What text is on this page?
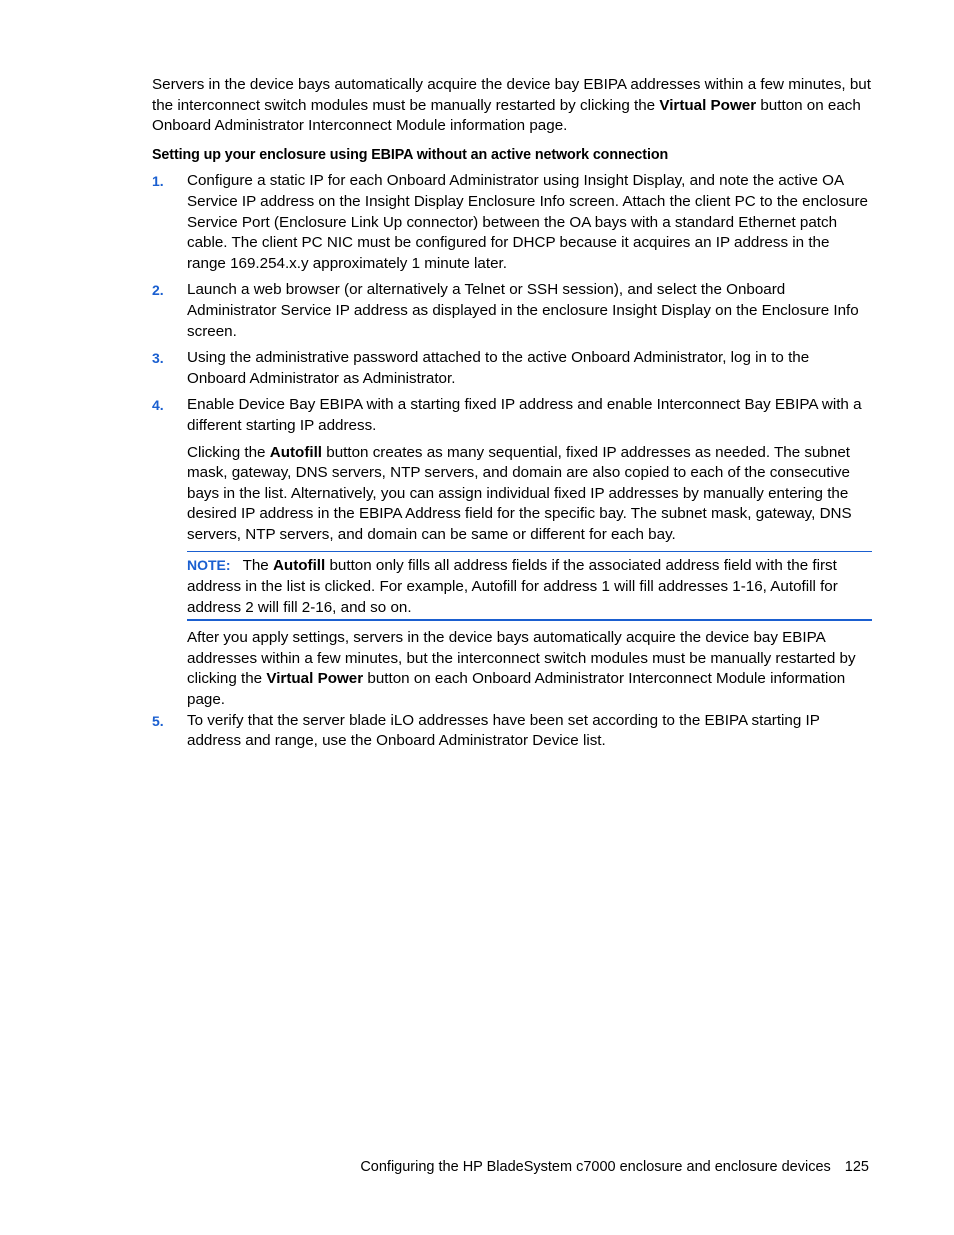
Servers in the device bays automatically acquire the device bay EBIPA addresses within a few minutes, but the interconnect switch modules must be manually restarted by clicking the Virtual Power button on each Onboard Administrator Interconnect Module information page.

Setting up your enclosure using EBIPA without an active network connection

1. Configure a static IP for each Onboard Administrator using Insight Display, and note the active OA Service IP address on the Insight Display Enclosure Info screen. Attach the client PC to the enclosure Service Port (Enclosure Link Up connector) between the OA bays with a standard Ethernet patch cable. The client PC NIC must be configured for DHCP because it acquires an IP address in the range 169.254.x.y approximately 1 minute later.
2. Launch a web browser (or alternatively a Telnet or SSH session), and select the Onboard Administrator Service IP address as displayed in the enclosure Insight Display on the Enclosure Info screen.
3. Using the administrative password attached to the active Onboard Administrator, log in to the Onboard Administrator as Administrator.
4. Enable Device Bay EBIPA with a starting fixed IP address and enable Interconnect Bay EBIPA with a different starting IP address.

Clicking the Autofill button creates as many sequential, fixed IP addresses as needed. The subnet mask, gateway, DNS servers, NTP servers, and domain are also copied to each of the consecutive bays in the list. Alternatively, you can assign individual fixed IP addresses by manually entering the desired IP address in the EBIPA Address field for the specific bay. The subnet mask, gateway, DNS servers, NTP servers, and domain can be same or different for each bay.

NOTE: The Autofill button only fills all address fields if the associated address field with the first address in the list is clicked. For example, Autofill for address 1 will fill addresses 1-16, Autofill for address 2 will fill 2-16, and so on.

After you apply settings, servers in the device bays automatically acquire the device bay EBIPA addresses within a few minutes, but the interconnect switch modules must be manually restarted by clicking the Virtual Power button on each Onboard Administrator Interconnect Module information page.

5. To verify that the server blade iLO addresses have been set according to the EBIPA starting IP address and range, use the Onboard Administrator Device list.
Configuring the HP BladeSystem c7000 enclosure and enclosure devices 125
